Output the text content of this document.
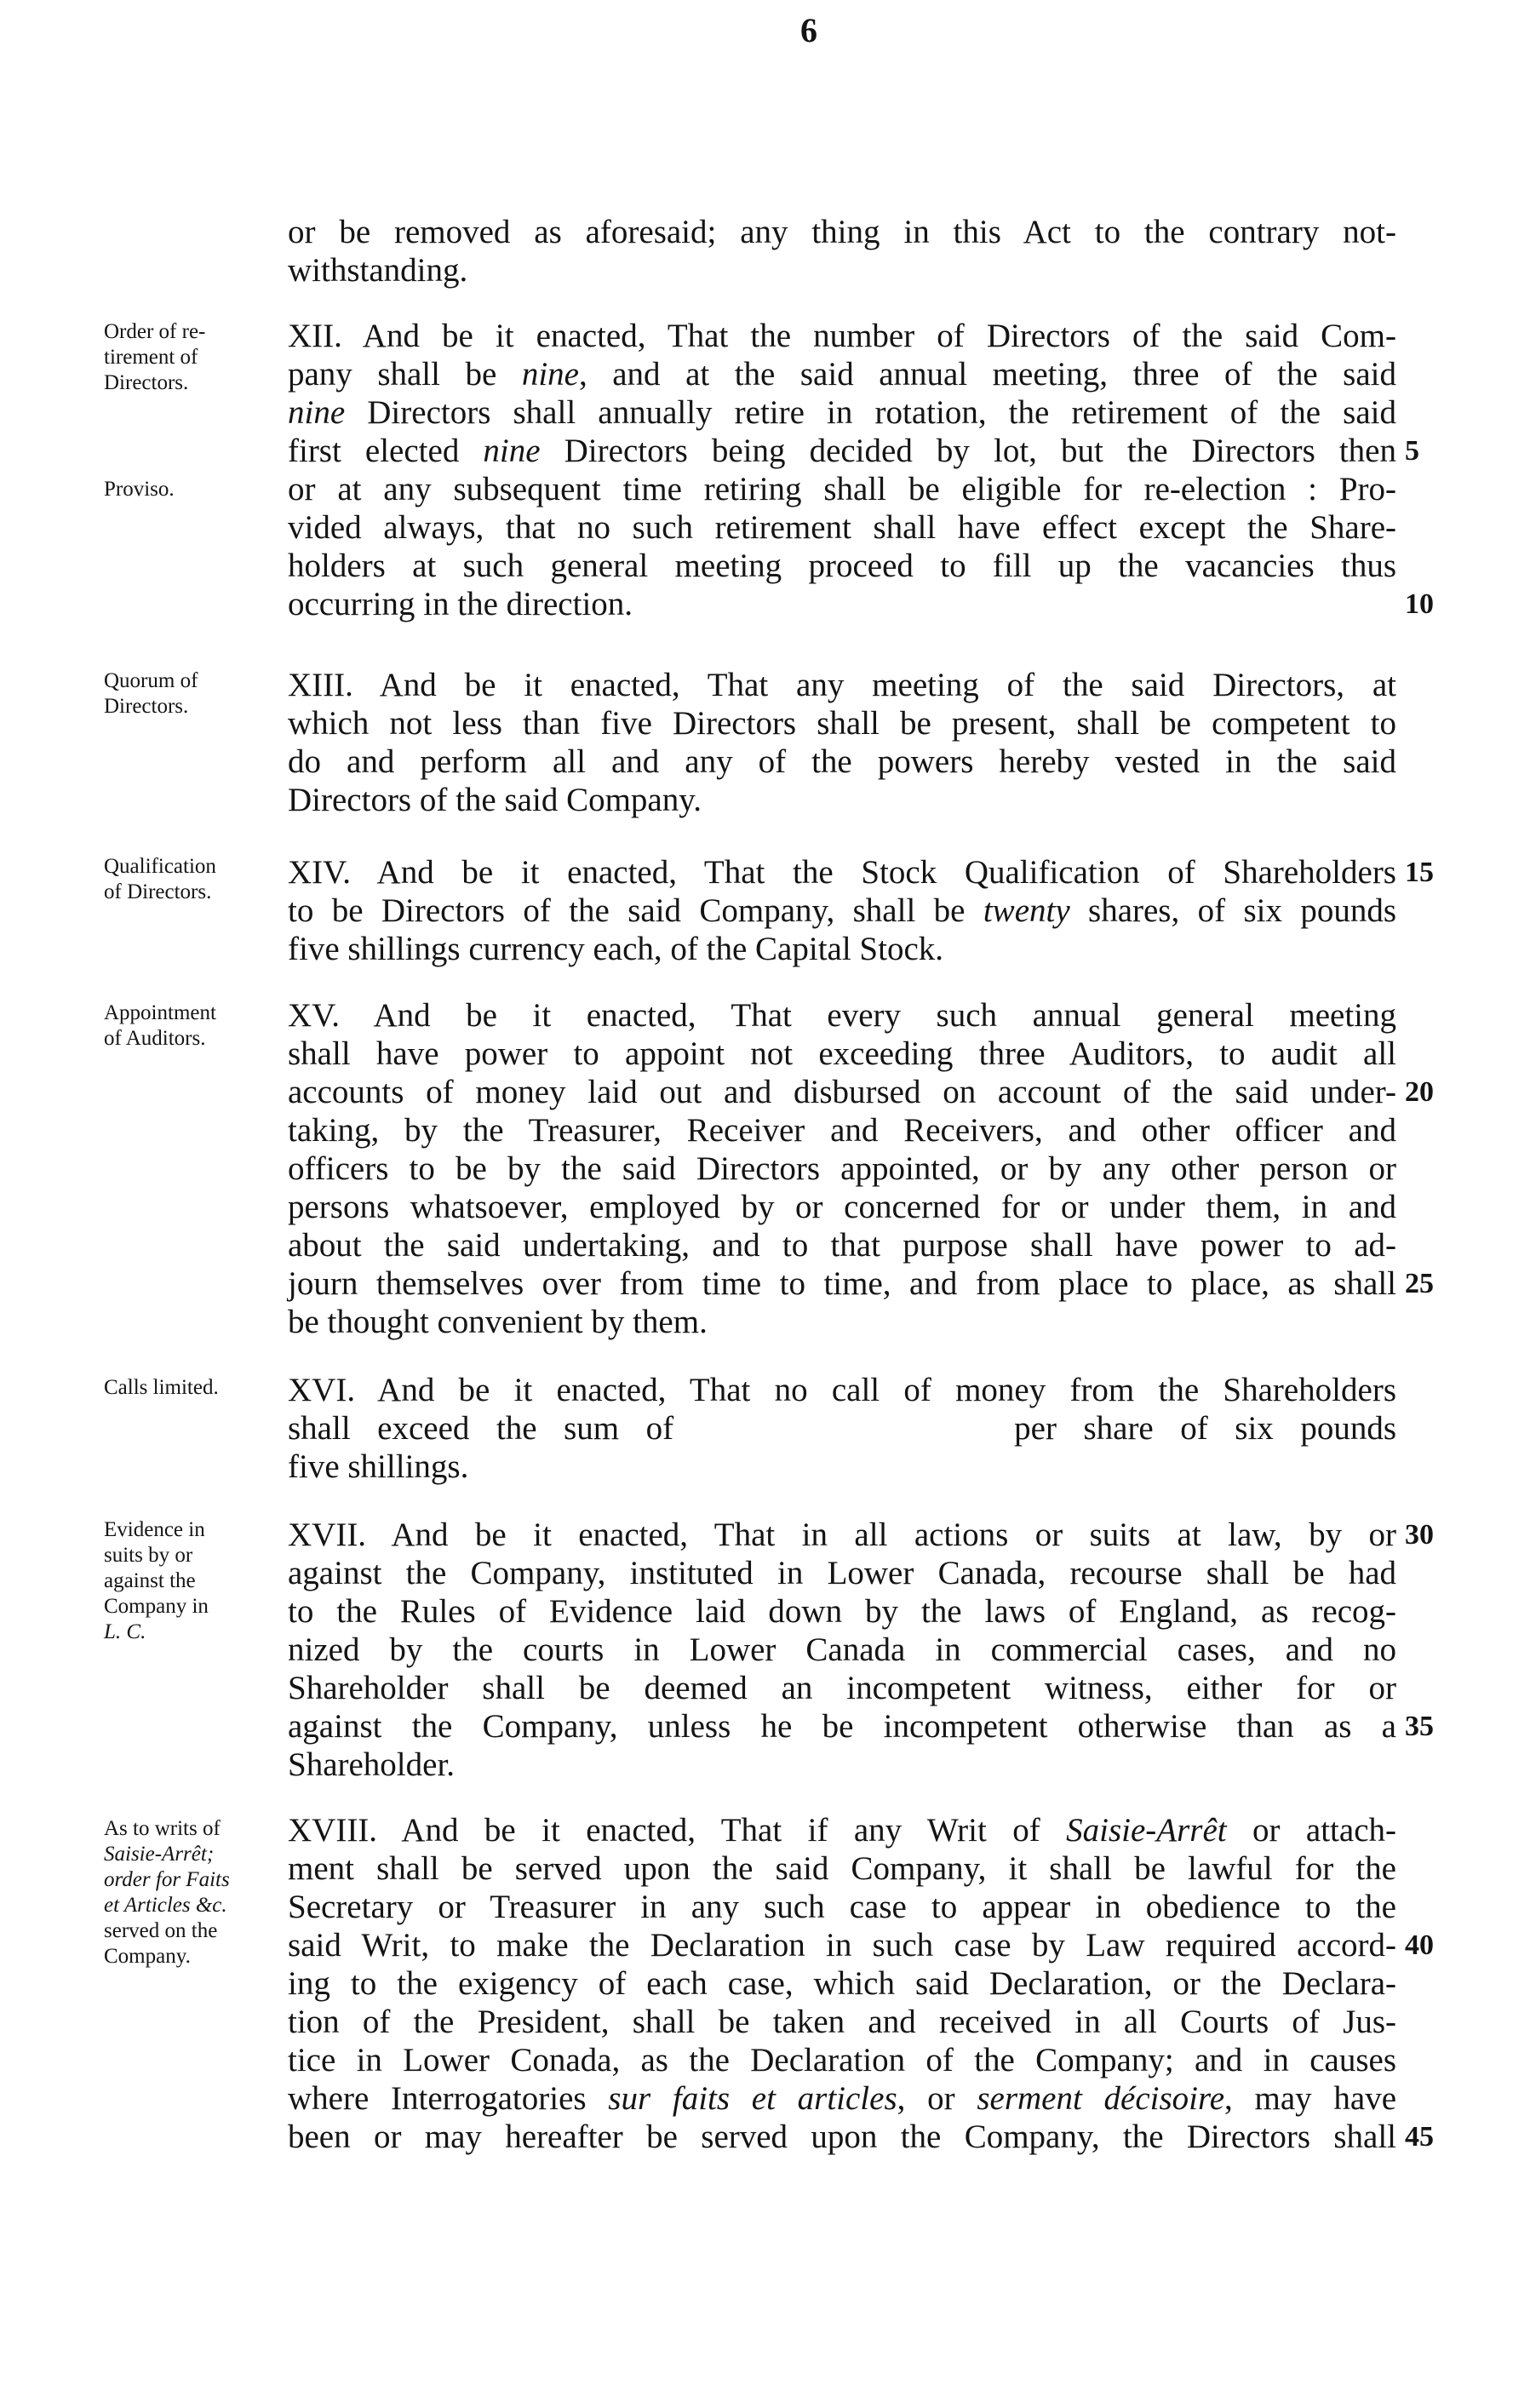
6
or be removed as aforesaid; any thing in this Act to the contrary not-
withstanding.
XII. And be it enacted, That the number of Directors of the said Com-
pany shall be nine, and at the said annual meeting, three of the said
nine Directors shall annually retire in rotation, the retirement of the said
first elected nine Directors being decided by lot, but the Directors then
or at any subsequent time retiring shall be eligible for re-election : Pro-
vided always, that no such retirement shall have effect except the Share-
holders at such general meeting proceed to fill up the vacancies thus
occurring in the direction.
XIII. And be it enacted, That any meeting of the said Directors, at
which not less than five Directors shall be present, shall be competent to
do and perform all and any of the powers hereby vested in the said
Directors of the said Company.
XIV. And be it enacted, That the Stock Qualification of Shareholders
to be Directors of the said Company, shall be twenty shares, of six pounds
five shillings currency each, of the Capital Stock.
XV. And be it enacted, That every such annual general meeting
shall have power to appoint not exceeding three Auditors, to audit all
accounts of money laid out and disbursed on account of the said under-
taking, by the Treasurer, Receiver and Receivers, and other officer and
officers to be by the said Directors appointed, or by any other person or
persons whatsoever, employed by or concerned for or under them, in and
about the said undertaking, and to that purpose shall have power to ad-
journ themselves over from time to time, and from place to place, as shall
be thought convenient by them.
XVI. And be it enacted, That no call of money from the Shareholders
shall exceed the sum of	per share of six pounds
five shillings.
XVII. And be it enacted, That in all actions or suits at law, by or
against the Company, instituted in Lower Canada, recourse shall be had
to the Rules of Evidence laid down by the laws of England, as recog-
nized by the courts in Lower Canada in commercial cases, and no
Shareholder shall be deemed an incompetent witness, either for or
against the Company, unless he be incompetent otherwise than as a
Shareholder.
XVIII. And be it enacted, That if any Writ of Saisie-Arrêt or attach-
ment shall be served upon the said Company, it shall be lawful for the
Secretary or Treasurer in any such case to appear in obedience to the
said Writ, to make the Declaration in such case by Law required accord-
ing to the exigency of each case, which said Declaration, or the Declara-
tion of the President, shall be taken and received in all Courts of Jus-
tice in Lower Conada, as the Declaration of the Company; and in causes
where Interrogatories sur faits et articles, or serment décisoire, may have
been or may hereafter be served upon the Company, the Directors shall
5
10
15
20
25
30
35
40
45
Order of re-
tirement of
Directors.
Proviso.
Quorum of
Directors.
Qualification
of Directors.
Appointment
of Auditors.
Calls limited.
Evidence in
suits by or
against the
Company in
L. C.
As to writs of
Saisie-Arrêt;
order for Faits
et Articles &c.
served on the
Company.
